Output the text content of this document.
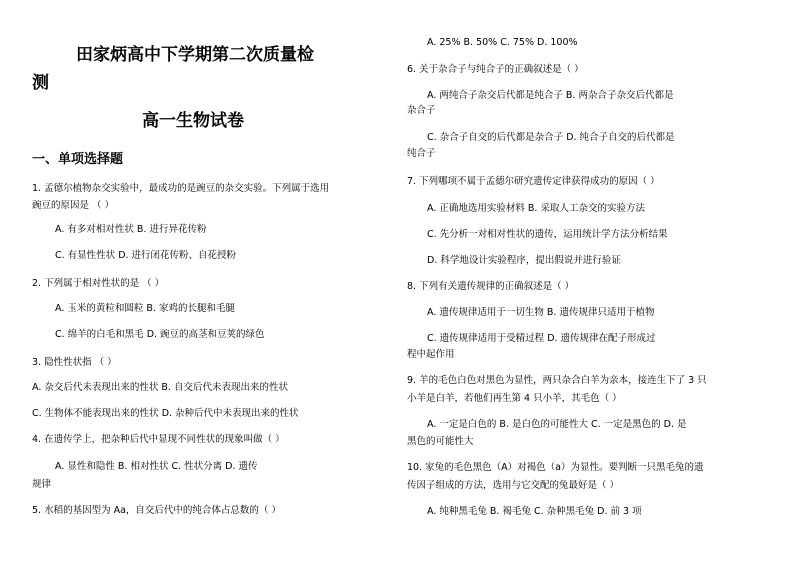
田家炳高中下学期第二次质量检
测
高一生物试卷
一、单项选择题
1. 孟德尔植物杂交实验中，最成功的是豌豆的杂交实验。下列属于选用
豌豆的原因是 （ ）
A. 有多对相对性状 B. 进行异花传粉
C. 有显性性状 D. 进行闭花传粉、自花授粉
2. 下列属于相对性状的是 （ ）
A. 玉米的黄粒和圆粒 B. 家鸡的长腿和毛腿
C. 绵羊的白毛和黑毛 D. 豌豆的高茎和豆荚的绿色
3. 隐性性状指 （ ）
A. 杂交后代未表现出来的性状 B. 自交后代未表现出来的性状
C. 生物体不能表现出来的性状 D. 杂种后代中未表现出来的性状
4. 在遗传学上，把杂种后代中显现不同性状的现象叫做（ ）
A. 显性和隐性 B. 相对性状 C. 性状分离 D. 遗传
规律
5. 水稻的基因型为 Aa，自交后代中的纯合体占总数的（ ）
A. 25% B. 50% C. 75% D. 100%
6. 关于杂合子与纯合子的正确叙述是（ ）
A. 两纯合子杂交后代都是纯合子 B. 两杂合子杂交后代都是
杂合子
C. 杂合子自交的后代都是杂合子 D. 纯合子自交的后代都是
纯合子
7. 下列哪项不属于孟德尔研究遗传定律获得成功的原因（ ）
A. 正确地选用实验材料 B. 采取人工杂交的实验方法
C. 先分析一对相对性状的遗传，运用统计学方法分析结果
D. 科学地设计实验程序，提出假说并进行验证
8. 下列有关遗传规律的正确叙述是（ ）
A. 遗传规律适用于一切生物 B. 遗传规律只适用于植物
C. 遗传规律适用于受精过程 D. 遗传规律在配子形成过
程中起作用
9. 羊的毛色白色对黑色为显性，两只杂合白羊为亲本，接连生下了 3 只
小羊是白羊，若他们再生第 4 只小羊，其毛色（ ）
A. 一定是白色的 B. 是白色的可能性大 C. 一定是黑色的 D. 是
黑色的可能性大
10. 家兔的毛色黑色（A）对褐色（a）为显性。要判断一只黑毛兔的遗
传因子组成的方法，选用与它交配的兔最好是（ ）
A. 纯种黑毛兔 B. 褐毛兔 C. 杂种黑毛兔 D. 前 3 项
